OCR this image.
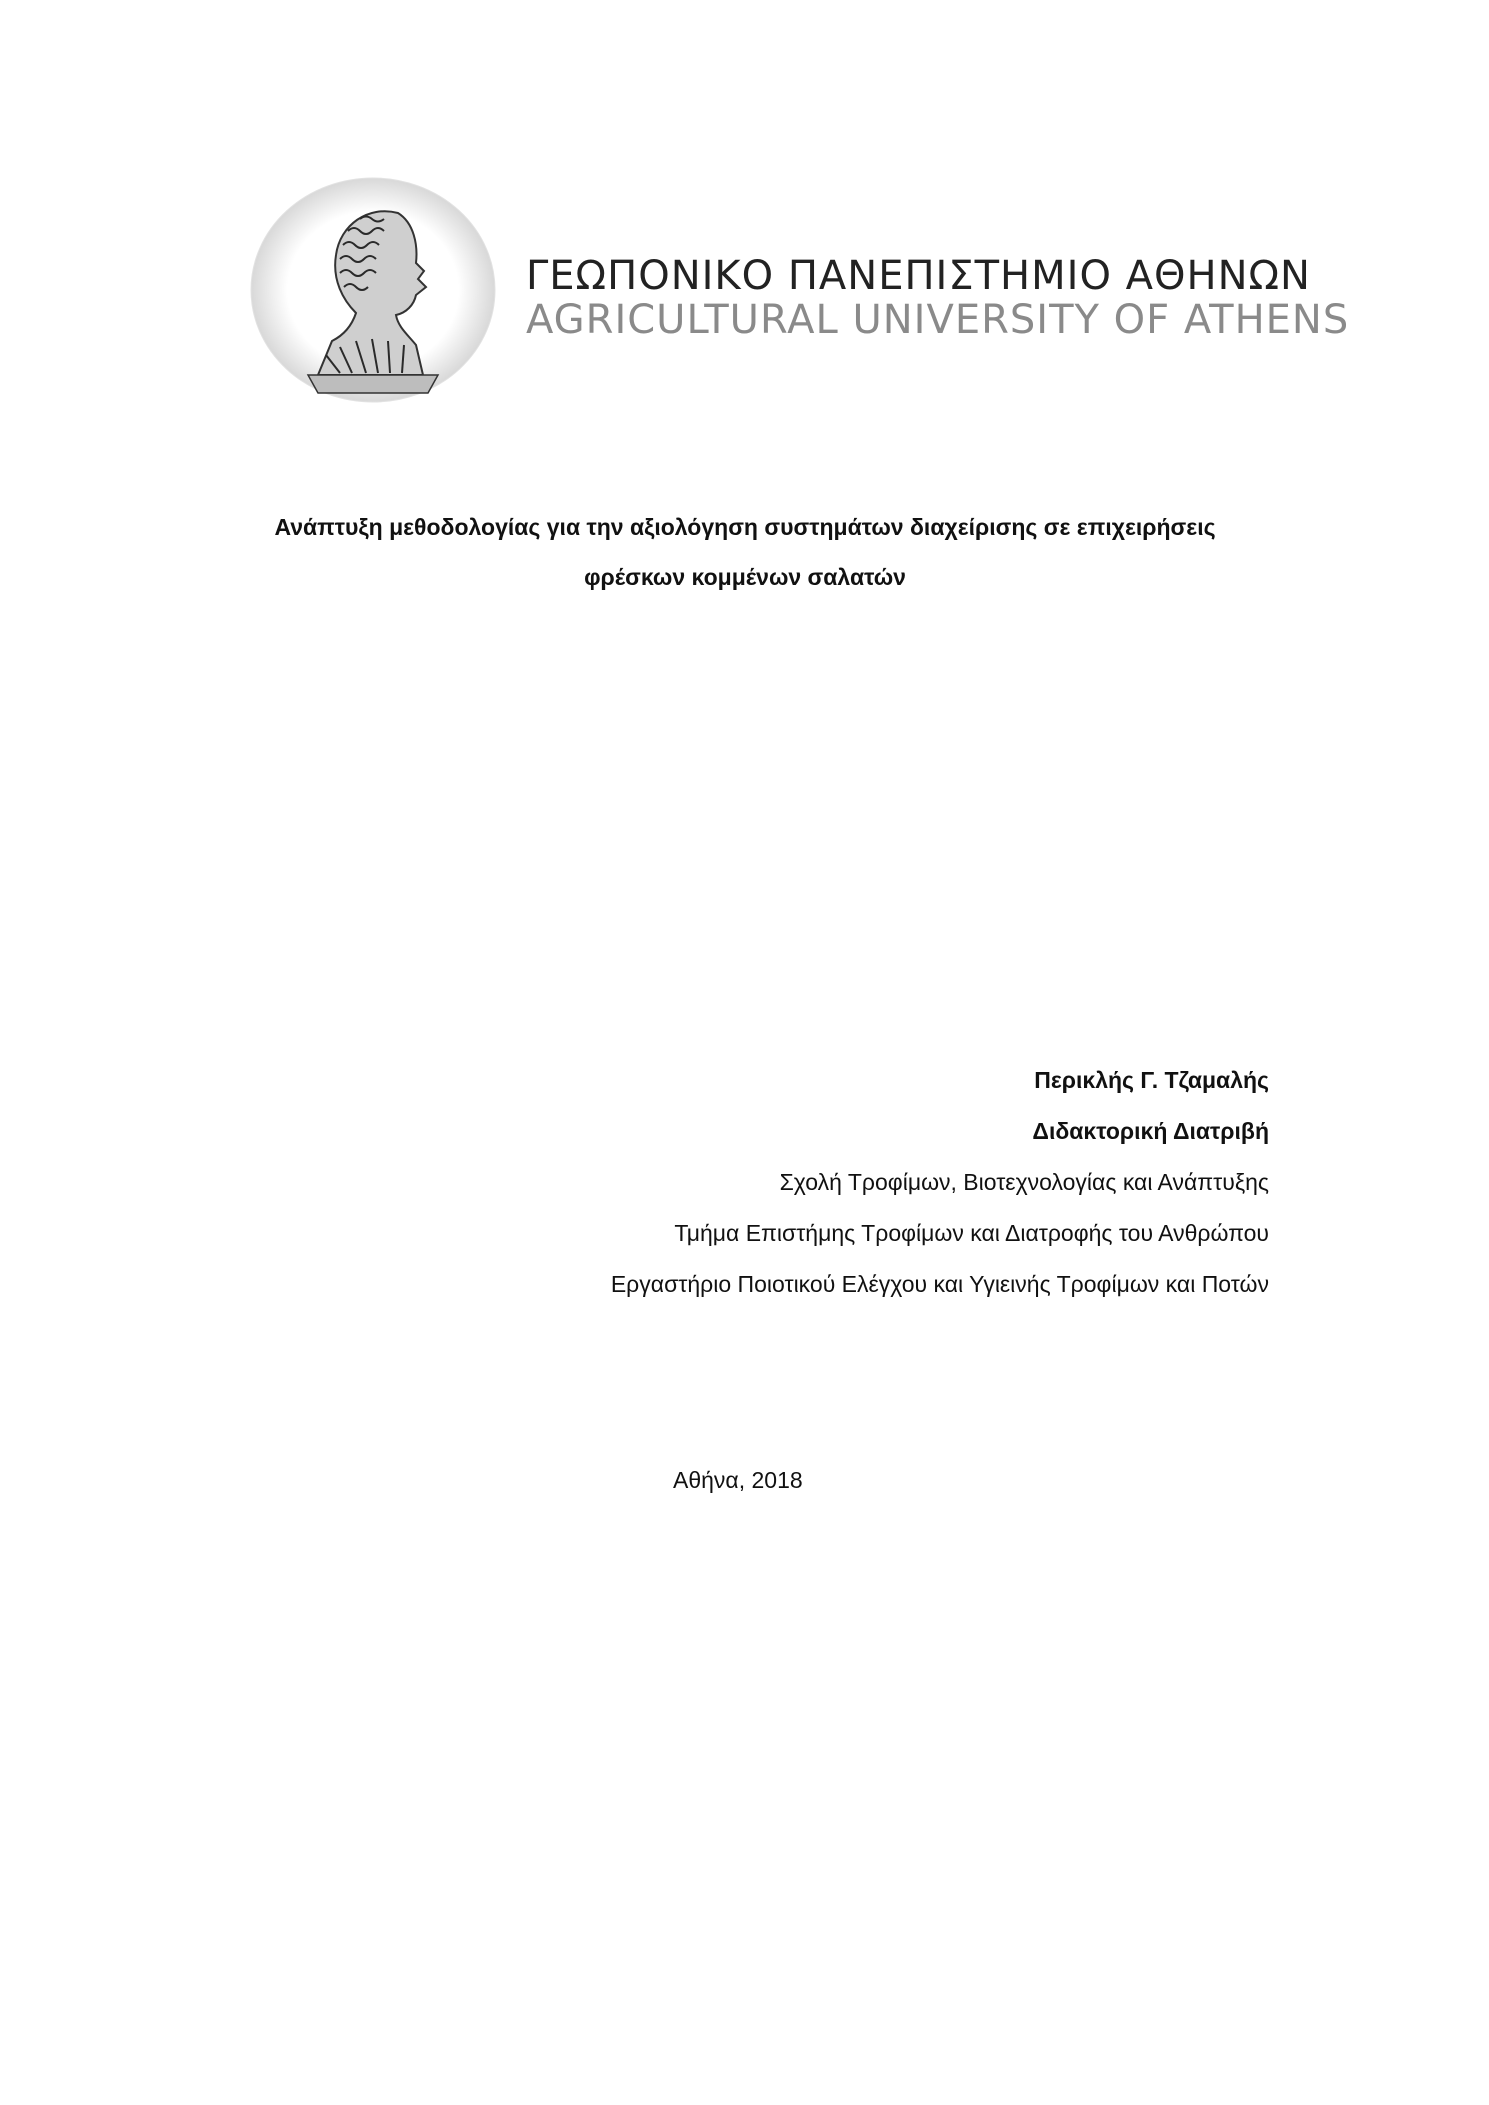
ΓΕΩΠΟΝΙΚΟ ΠΑΝΕΠΙΣΤΗΜΙΟ ΑΘΗΝΩΝ
AGRICULTURAL UNIVERSITY OF ATHENS
Ανάπτυξη μεθοδολογίας για την αξιολόγηση συστημάτων διαχείρισης σε επιχειρήσεις
φρέσκων κομμένων σαλατών
Περικλής Γ. Τζαμαλής
Διδακτορική Διατριβή
Σχολή Τροφίμων, Βιοτεχνολογίας και Ανάπτυξης
Τμήμα Επιστήμης Τροφίμων και Διατροφής του Ανθρώπου
Εργαστήριο Ποιοτικού Ελέγχου και Υγιεινής Τροφίμων και Ποτών
Αθήνα, 2018
